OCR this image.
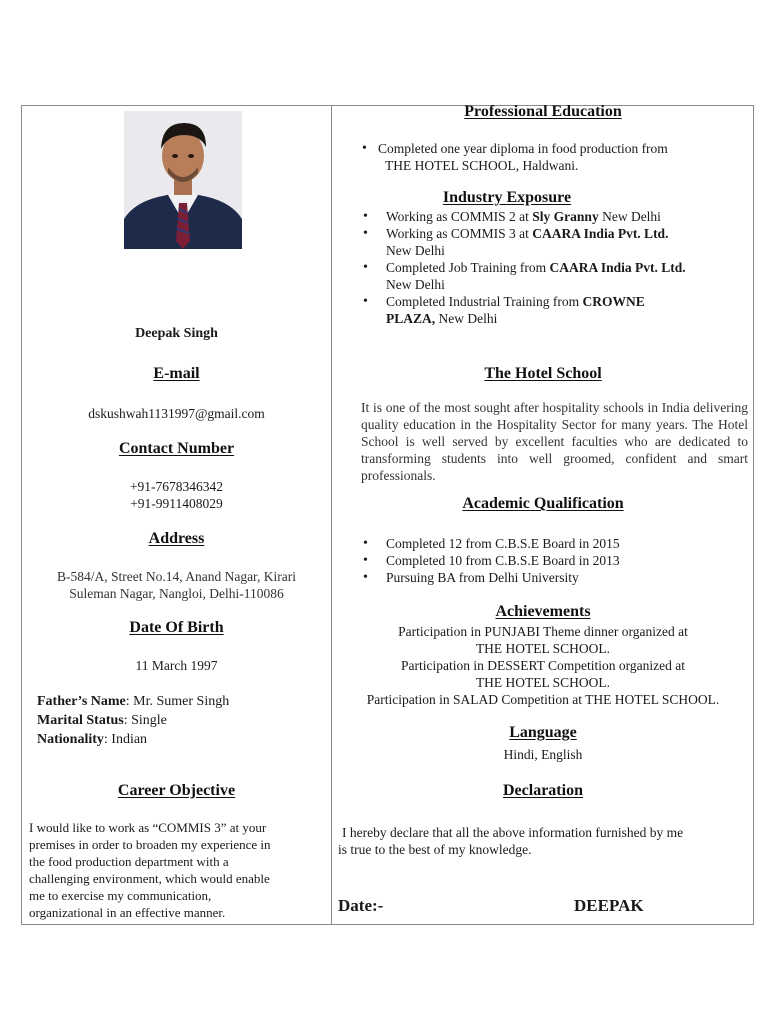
Deepak Singh
E-mail
dskushwah1131997@gmail.com
Contact Number
+91-7678346342
+91-9911408029
Address
B-584/A, Street No.14, Anand Nagar, Kirari
Suleman Nagar, Nangloi, Delhi-110086
Date Of Birth
11 March 1997
Father’s Name: Mr. Sumer Singh
Marital Status: Single
Nationality: Indian
Career Objective
I would like to work as “COMMIS 3” at your
premises in order to broaden my experience in
the food production department with a
challenging environment, which would enable
me to exercise my communication,
organizational in an effective manner.
Professional Education
• Completed one year diploma in food production from
THE HOTEL SCHOOL, Haldwani.
Industry Exposure
• Working as COMMIS 2 at Sly Granny New Delhi
• Working as COMMIS 3 at CAARA India Pvt. Ltd.
New Delhi
• Completed Job Training from CAARA India Pvt. Ltd.
New Delhi
• Completed Industrial Training from CROWNE
PLAZA, New Delhi
The Hotel School
It is one of the most sought after hospitality schools in India delivering quality education in the Hospitality Sector for many years. The Hotel School is well served by excellent faculties who are dedicated to transforming students into well groomed, confident and smart professionals.
Academic Qualification
• Completed 12 from C.B.S.E Board in 2015
• Completed 10 from C.B.S.E Board in 2013
• Pursuing BA from Delhi University
Achievements
Participation in PUNJABI Theme dinner organized at
THE HOTEL SCHOOL.
Participation in DESSERT Competition organized at
THE HOTEL SCHOOL.
Participation in SALAD Competition at THE HOTEL SCHOOL.
Language
Hindi, English
Declaration
I hereby declare that all the above information furnished by me
is true to the best of my knowledge.
Date:-	DEEPAK
